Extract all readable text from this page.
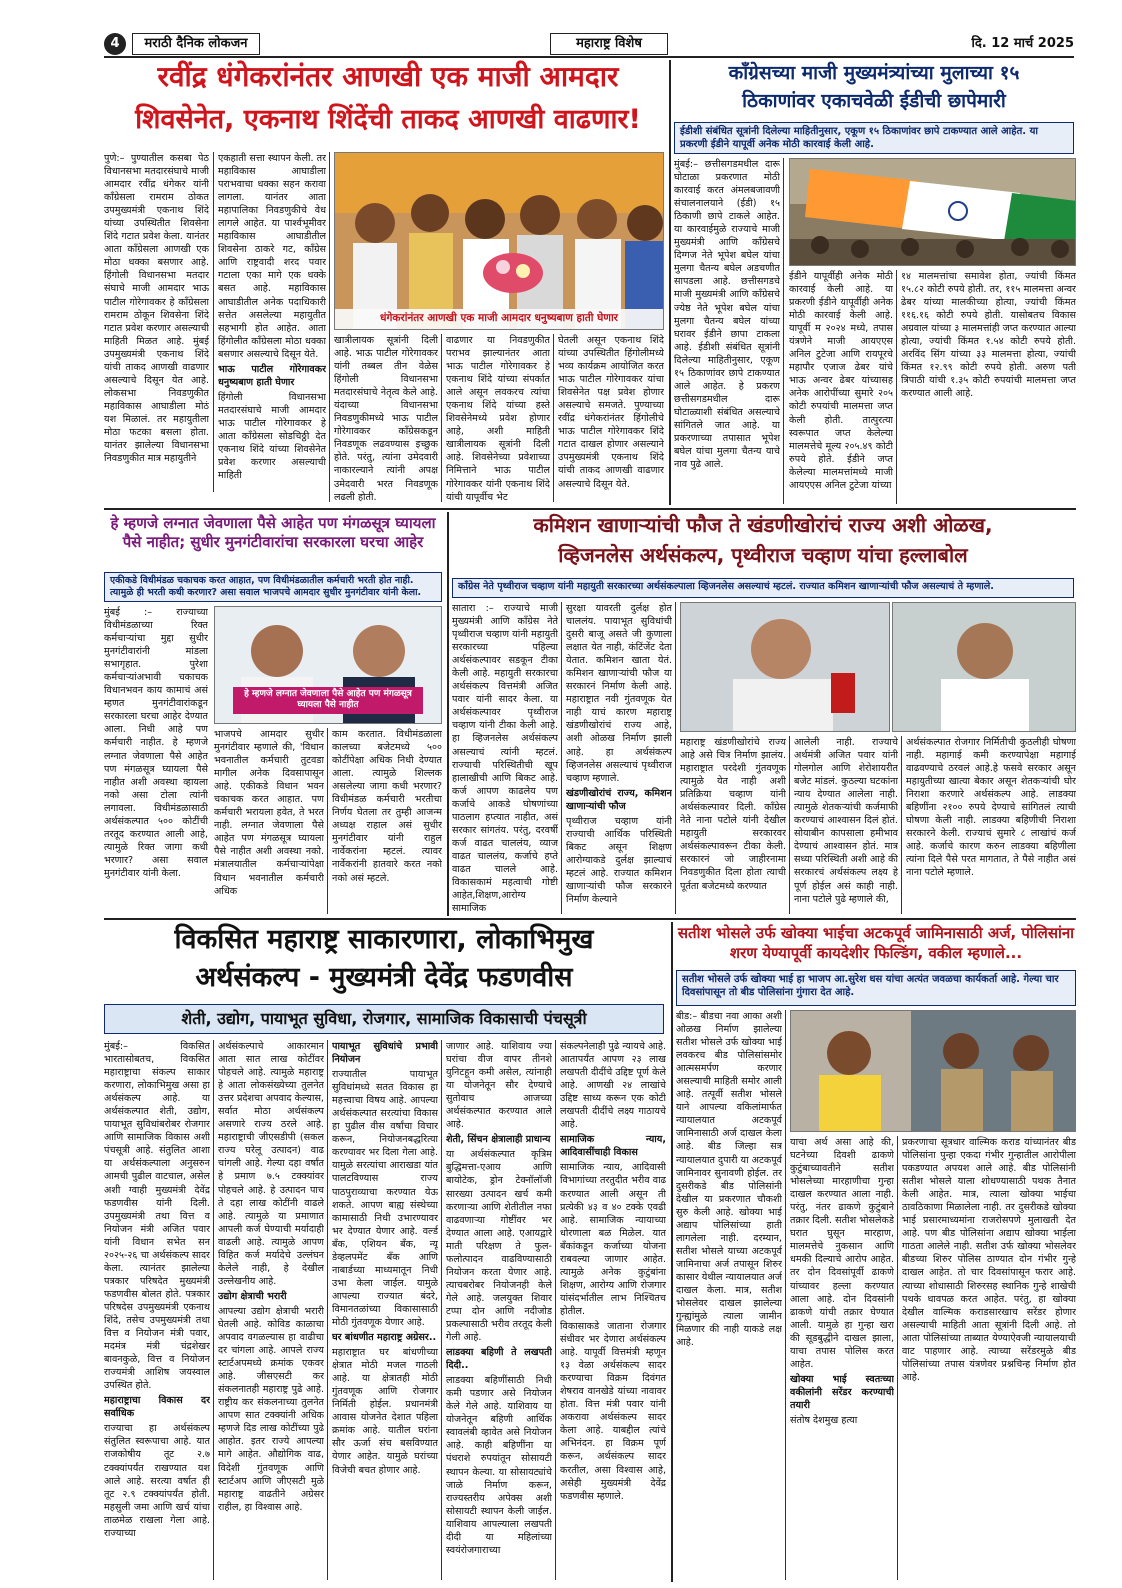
4	मराठी दैनिक लोकजन	महाराष्ट्र विशेष	दि. 12 मार्च 2025
रवींद्र धंगेकरांनंतर आणखी एक माजी आमदार
शिवसेनेत, एकनाथ शिंदेंची ताकद आणखी वाढणार!

पुणे:– पुण्यातील कसबा पेठ विधानसभा मतदारसंघाचे माजी आमदार रवींद्र धंगेकर यांनी काँग्रेसला रामराम ठोकत उपमुख्यमंत्री एकनाथ शिंदे यांच्या उपस्थितीत शिवसेना शिंदे गटात प्रवेश केला. यानंतर आता काँग्रेसला आणखी एक मोठा धक्का बसणार आहे. हिंगोली विधानसभा मतदार संघाचे माजी आमदार भाऊ पाटील गोरेगावकर हे काँग्रेसला रामराम ठोकून शिवसेना शिंदे गटात प्रवेश करणार असल्याची माहिती मिळत आहे. मुंबई उपमुख्यमंत्री एकनाथ शिंदे यांची ताकद आणखी वाढणार असल्याचे दिसून येत आहे. लोकसभा निवडणुकीत महाविकास आघाडीला मोठं यश मिळालं. तर महायुतीला मोठा फटका बसला होता. यानंतर झालेल्या विधानसभा निवडणुकीत मात्र महायुतीने

एकहाती सत्ता स्थापन केली. तर महाविकास आघाडीला पराभवाचा धक्का सहन करावा लागला. यानंतर आता महापालिका निवडणुकीचे वेध लागले आहेत. या पार्श्वभूमीवर महाविकास आघाडीतील शिवसेना ठाकरे गट, काँग्रेस आणि राष्ट्रवादी शरद पवार गटाला एका मागे एक धक्के बसत आहे. महाविकास आघाडीतील अनेक पदाधिकारी सत्तेत असलेल्या महायुतीत सहभागी होत आहेत. आता हिंगोलीत काँग्रेसला मोठा धक्का बसणार असल्याचे दिसून येते.

भाऊ पाटील गोरेगावकर धनुष्यबाण हाती घेणार

हिंगोली विधानसभा मतदारसंघाचे माजी आमदार भाऊ पाटील गोरेगावकर हे आता काँग्रेसला सोडचिठ्ठी देत एकनाथ शिंदे यांच्या शिवसेनेत प्रवेश करणार असल्याची माहिती

धंगेकरांनंतर आणखी एक माजी आमदार धनुष्यबाण हाती घेणार

खात्रीलायक सूत्रांनी दिली आहे. भाऊ पाटील गोरेगावकर यांनी तब्बल तीन वेळेस हिंगोली विधानसभा मतदारसंघाचे नेतृत्व केले आहे. यंदाच्या विधानसभा निवडणुकीमध्ये भाऊ पाटील गोरेगावकर काँग्रेसकडून निवडणूक लढवण्यास इच्छुक होते. परंतु, त्यांना उमेदवारी नाकारल्याने त्यांनी अपक्ष उमेदवारी भरत निवडणूक लढली होती.

वाढणार या निवडणुकीत पराभव झाल्यानंतर आता भाऊ पाटील गोरेगावकर हे एकनाथ शिंदे यांच्या संपर्कात आले असून लवकरच त्यांचा एकनाथ शिंदे यांच्या हस्ते शिवसेनेमध्ये प्रवेश होणार आहे, अशी माहिती खात्रीलायक सूत्रांनी दिली आहे. शिवसेनेच्या प्रवेशाच्या निमित्ताने भाऊ पाटील गोरेगावकर यांनी एकनाथ शिंदे यांची यापूर्वीच भेट

घेतली असून एकनाथ शिंदे यांच्या उपस्थितीत हिंगोलीमध्ये भव्य कार्यक्रम आयोजित करत भाऊ पाटील गोरेगावकर यांचा शिवसेनेत पक्ष प्रवेश होणार असल्याचे समजते. पुण्याच्या रवींद्र धंगेकरांनंतर हिंगोलीचे भाऊ पाटील गोरेगावकर शिंदे गटात दाखल होणार असल्याने उपमुख्यमंत्री एकनाथ शिंदे यांची ताकद आणखी वाढणार असल्याचे दिसून येते.

काँग्रेसच्या माजी मुख्यमंत्र्यांच्या मुलाच्या १५
ठिकाणांवर एकाचवेळी ईडीची छापेमारी
ईडीशी संबंधित सूत्रांनी दिलेल्या माहितीनुसार, एकूण १५ ठिकाणांवर छापे टाकण्यात आले आहेत. या प्रकरणी ईडीने यापूर्वी अनेक मोठी कारवाई केली आहे.

मुंबई:– छत्तीसगडमधील दारू घोटाळा प्रकरणात मोठी कारवाई करत अंमलबजावणी संचालनालयाने (ईडी) १५ ठिकाणी छापे टाकले आहेत. या कारवाईमुळे राज्याचे माजी मुख्यमंत्री आणि काँग्रेसचे दिग्गज नेते भूपेश बघेल यांचा मुलगा चैतन्य बघेल अडचणीत सापडला आहे. छत्तीसगडचे माजी मुख्यमंत्री आणि काँग्रेसचे ज्येष्ठ नेते भूपेश बघेल यांचा मुलगा चैतन्य बघेल यांच्या घरावर ईडीने छापा टाकला आहे. ईडीशी संबंधित सूत्रांनी दिलेल्या माहितीनुसार, एकूण १५ ठिकाणांवर छापे टाकण्यात आले आहेत. हे प्रकरण छत्तीसगडमधील दारू घोटाळ्याशी संबंधित असल्याचे सांगितले जात आहे. या प्रकरणाच्या तपासात भूपेश बघेल यांचा मुलगा चैतन्य याचे नाव पुढे आले.

ईडीने यापूर्वीही अनेक मोठी कारवाई केली आहे. या प्रकरणी ईडीने यापूर्वीही अनेक मोठी कारवाई केली आहे. यापूर्वी म २०२४ मध्ये, तपास यंत्रणेने माजी आयएएस अनिल टुटेजा आणि रायपूरचे महापौर एजाज ढेबर यांचे भाऊ अन्वर ढेबर यांच्यासह अनेक आरोपींच्या सुमारे २०५ कोटी रुपयांची मालमत्ता जप्त केली होती. तात्पुरत्या स्वरूपात जप्त केलेल्या मालमत्तेचे मूल्य २०५.४९ कोटी रुपये होते. ईडीने जप्त केलेल्या मालमत्तांमध्ये माजी आयएएस अनिल टुटेजा यांच्या

१४ मालमत्तांचा समावेश होता, ज्यांची किंमत १५.८२ कोटी रुपये होती. तर, ११५ मालमत्ता अन्वर ढेबर यांच्या मालकीच्या होत्या, ज्यांची किंमत ११६.१६ कोटी रुपये होती. यासोबतच विकास अग्रवाल यांच्या ३ मालमत्तांही जप्त करण्यात आल्या होत्या, ज्यांची किंमत १.५४ कोटी रुपये होती. अरविंद सिंग यांच्या ३३ मालमत्ता होत्या, ज्यांची किंमत १२.९९ कोटी रुपये होती. अरुण पती त्रिपाठी यांची १.३५ कोटी रुपयांची मालमत्ता जप्त करण्यात आली आहे.

हे म्हणजे लग्नात जेवणाला पैसे आहेत पण मंगळसूत्र घ्यायला पैसे नाहीत; सुधीर मुनगंटीवारांचा सरकारला घरचा आहेर
एकीकडे विधीमंडळ चकाचक करत आहात, पण विधीमंडळातील कर्मचारी भरती होत नाही. त्यामुळे ही भरती कधी करणार? असा सवाल भाजपचे आमदार सुधीर मुनगंटीवार यांनी केला.

मुंबई :– राज्याच्या विधीमंडळाच्या रिक्त कर्मचाऱ्यांचा मुद्दा सुधीर मुनगंटीवारांनी मांडला सभागृहात. पुरेशा कर्मचाऱ्यांअभावी चकाचक विधानभवन काय कामाचं असं म्हणत मुनगंटीवारांकडून सरकारला घरचा आहेर देण्यात आला. निधी आहे पण कर्मचारी नाहीत. हे म्हणजे लग्नात जेवणाला पैसे आहेत पण मंगळसूत्र घ्यायला पैसे नाहीत अशी अवस्था व्हायला नको असा टोला त्यांनी लगावला. विधीमंडळासाठी अर्थसंकल्पात ५०० कोटींची तरतूद करण्यात आली आहे, त्यामुळे रिक्त जागा कधी भरणार? असा सवाल मुनगंटीवार यांनी केला.

हे म्हणजे लग्नात जेवणाला पैसे आहेत पण मंगळसूत्र घ्यायला पैसे नाहीत

भाजपचे आमदार सुधीर मुनगंटीवार म्हणाले की, 'विधान भवनातील कर्मचारी तुटवडा मागील अनेक दिवसापासून आहे. एकीकडे विधान भवन चकाचक करत आहात. पण कर्मचारी भरायला हवेत, ते भरत नाही. लग्नात जेवणाला पैसे आहेत पण मंगळसूत्र घ्यायला पैसे नाहीत अशी अवस्था नको. मंत्रालयातील कर्मचाऱ्यांपेक्षा विधान भवनातील कर्मचारी अधिक

काम करतात. विधीमंडळाला कालच्या बजेटमध्ये ५०० कोटींपेक्षा अधिक निधी देण्यात आला. त्यामुळे शिल्लक असलेल्या जागा कधी भरणार? विधीमंडळ कर्मचारी भरतीचा निर्णय घेतला तर तुम्ही आजन्म अध्यक्ष राहाल असं सुधीर मुनगंटीवार यांनी राहुल नार्वेकरांना म्हटलं. त्यावर नार्वेकरांनी हातवारे करत नको नको असं म्हटले.

कमिशन खाणाऱ्यांची फौज ते खंडणीखोरांचं राज्य अशी ओळख,
व्हिजनलेस अर्थसंकल्प, पृथ्वीराज चव्हाण यांचा हल्लाबोल
काँग्रेस नेते पृथ्वीराज चव्हाण यांनी महायुती सरकारच्या अर्थसंकल्पाला व्हिजनलेस असल्याचं म्हटलं. राज्यात कमिशन खाणाऱ्यांची फौज असल्याचं ते म्हणाले.

सातारा :– राज्याचे माजी मुख्यमंत्री आणि काँग्रेस नेते पृथ्वीराज चव्हाण यांनी महायुती सरकारच्या पहिल्या अर्थसंकल्पावर सडकून टीका केली आहे. महायुती सरकारचा अर्थसंकल्प वित्तमंत्री अजित पवार यांनी सादर केला. या अर्थसंकल्पावर पृथ्वीराज चव्हाण यांनी टीका केली आहे. हा व्हिजनलेस अर्थसंकल्प असल्याचं त्यांनी म्हटलं. राज्याची परिस्थितीची खूप हालाखीची आणि बिकट आहे. कर्ज आपण काढलेय पण कर्जाचे आकडे घोषणांच्या पाठलाग हप्त्यात नाहीत, असं सरकार सांगतंय. परंतु, दरवर्षी कर्ज वाढत चाललंय, व्याज वाढत चाललंय, कर्जाचे हप्ते वाढत चालले आहे. विकासकामं महत्वाची गोष्टी आहेत,शिक्षण,आरोग्य सामाजिक

सुरक्षा यावरती दुर्लक्ष होत चाललंय. पायाभूत सुविधांची दुसरी बाजू असते जी कुणाला लक्षात येत नाही, कंटिंजेंट देता येतात. कमिशन खाता येतं. कमिशन खाणाऱ्यांची फौज या सरकारनं निर्माण केली आहे. महाराष्ट्रात नवी गुंतवणूक येत नाही याचं कारण महाराष्ट्र खंडणीखोरांचं राज्य आहे, अशी ओळख निर्माण झाली आहे. हा अर्थसंकल्प व्हिजनलेस असल्याचं पृथ्वीराज चव्हाण म्हणाले.

खंडणीखोरांचं राज्य, कमिशन खाणाऱ्यांची फौज

पृथ्वीराज चव्हाण यांनी राज्याची आर्थिक परिस्थिती बिकट असून शिक्षण आरोग्याकडे दुर्लक्ष झाल्याचं म्हटलं आहे. राज्यात कमिशन खाणाऱ्यांची फौज सरकारने निर्माण केल्याने

महाराष्ट्र खंडणीखोरांचे राज्य आहे असे चित्र निर्माण झालंय. महाराष्ट्रात परदेशी गुंतवणूक त्यामुळे येत नाही अशी प्रतिक्रिया चव्हाण यांनी अर्थसंकल्पावर दिली. काँग्रेस नेते नाना पटोले यांनी देखील महायुती सरकारवर अर्थसंकल्पावरून टीका केली. सरकारनं जो जाहीरनामा निवडणुकीत दिला होता त्याची पूर्तता बजेटमध्ये करण्यात

आलेली नाही. राज्याचे अर्थमंत्री अजित पवार यांनी गोलगोल आणि शेरोशायरीत बजेट मांडलं. कुठल्या घटकांना न्याय देण्यात आलेला नाही. त्यामुळे शेतकऱ्यांची कर्जमाफी करण्याचं आश्वासन दिलं होतं. सोयाबीन कापसाला हमीभाव देण्याचं आश्वासन होतं. मात्र सध्या परिस्थिती अशी आहे की सरकारचं अर्थसंकल्प लक्ष्य हे पूर्ण होईल असं काही नाही. नाना पटोले पुढे म्हणाले की,

अर्थसंकल्पात रोजगार निर्मितीची कुठलीही घोषणा नाही. महागाई कमी करण्यापेक्षा महागाई वाढवण्याचे ठरवलं आहे.हे फसवे सरकार असून महायुतीच्या खात्या बेकार असून शेतकऱ्यांची घोर निराशा करणारे अर्थसंकल्प आहे. लाडक्या बहिणींना २१०० रुपये देण्याचे सांगितलं त्याची घोषणा केली नाही. लाडक्या बहिणीची निराशा सरकारने केली. राज्याचं सुमारे ८ लाखांचं कर्ज आहे. कर्जाचे कारण करुन लाडक्या बहिणीला त्यांना दिले पैसे परत मागतात, ते पैसे नाहीत असं नाना पटोले म्हणाले.

विकसित महाराष्ट्र साकारणारा, लोकाभिमुख
अर्थसंकल्प - मुख्यमंत्री देवेंद्र फडणवीस
शेती, उद्योग, पायाभूत सुविधा, रोजगार, सामाजिक विकासाची पंचसूत्री

मुंबई:– विकसित भारतासोबतच, विकसित महाराष्ट्राचा संकल्प साकार करणारा, लोकाभिमुख असा हा अर्थसंकल्प आहे. या अर्थसंकल्पात शेती, उद्योग, पायाभूत सुविधांबरोबर रोजगार आणि सामाजिक विकास अशी पंचसूत्री आहे. संतुलित आशा या अर्थसंकल्पाला अनुसरुन आमची पुढील वाटचाल, असेल अशी ग्वाही मुख्यमंत्री देवेंद्र फडणवीस यांनी दिली. उपमुख्यमंत्री तथा वित्त व नियोजन मंत्री अजित पवार यांनी विधान सभेत सन २०२५-२६ चा अर्थसंकल्प सादर केला. त्यानंतर झालेल्या पत्रकार परिषदेत मुख्यमंत्री फडणवीस बोलत होते. पत्रकार परिषदेस उपमुख्यमंत्री एकनाथ शिंदे, तसेच उपमुख्यमंत्री तथा वित्त व नियोजन मंत्री पवार, मदमंत्र मंत्री चंद्रशेखर बावनकुळे, वित्त व नियोजन राज्यमंत्री आशिष जयस्वाल उपस्थित होते.

महाराष्ट्राचा विकास दर सर्वाधिक

राज्याचा हा अर्थसंकल्प संतुलित स्वरूपाचा आहे. यात राजकोषीय तूट २.७ टक्क्यांपर्यंत राखण्यात यश आले आहे. सरत्या वर्षात ही तूट २.९ टक्क्यांपर्यंत होती. महसुली जमा आणि खर्च यांचा ताळमेळ राखला गेला आहे. राज्याच्या

अर्थसंकल्पाचे आकारमान आता सात लाख कोटींवर पोहचले आहे. त्यामुळे महाराष्ट्र हे आता लोकसंख्येच्या तुलनेत उत्तर प्रदेशचा अपवाद केल्यास, सर्वात मोठा अर्थसंकल्प असणारे राज्य ठरले आहे. महाराष्ट्राची जीएसडीपी (सकल राज्य घरेलू उत्पादन) वाढ चांगली आहे. गेल्या दहा वर्षांत हे प्रमाण ७.५ टक्क्यांवर पोहचले आहे. हे उत्पादन पाच ते दहा लाख कोटींनी वाढले आहे. त्यामुळे या प्रमाणात आपली कर्ज घेण्याची मर्यादाही वाढली आहे. त्यामुळे आपण विहित कर्ज मर्यादेचे उल्लंघन केलेले नाही, हे देखील उल्लेखनीय आहे.

उद्योग क्षेत्राची भरारी

आपल्या उद्योग क्षेत्राची भरारी घेतली आहे. कोविड काळाचा अपवाद वगळल्यास हा वाढीचा दर चांगला आहे. आपले राज्य स्टार्टअपमध्ये क्रमांक एकवर आहे. जीसएसटी कर संकलनातही महाराष्ट्र पुढे आहे. राष्ट्रीय कर संकलनाच्या तुलनेत आपण सात टक्क्यांनी अधिक म्हणजे दिड लाख कोटींच्या पुढे आहोत. इतर राज्ये आपल्या मागे आहेत. औद्योगिक वाढ, विदेशी गुंतवणूक आणि स्टार्टअप आणि जीएसटी मुळे महाराष्ट्र वाढतीने अग्रेसर राहील, हा विश्वास आहे.

पायाभूत सुविधांचे प्रभावी नियोजन

राज्यातील पायाभूत सुविधांमध्ये सतत विकास हा महत्त्वाचा विषय आहे. आपल्या अर्थसंकल्पात सरत्यांचा विकास हा पुढील वीस वर्षांचा विचार करून, नियोजनबद्धरित्या करण्यावर भर दिला गेला आहे. यामुळे सरत्यांचा आराखडा यांत पालटविण्यास राज्य पाठपुराव्याचा करण्यात येऊ शकते. आपण बाह्य संस्थेच्या कामासाठी निधी उभारण्यावर भर देण्यात येणार आहे. वर्ल्ड बँक, एशियन बँक, न्यू डेव्हलपमेंट बँक आणि नाबार्डच्या माध्यमातून निधी उभा केला जाईल. यामुळे आपल्या राज्यात बंदरे, विमानतळांच्या विकासासाठी मोठी गुंतवणूक येणार आहे.

घर बांधणीत महाराष्ट्र अग्रेसर..

महाराष्ट्रात घर बांधणीच्या क्षेत्रात मोठी मजल गाठली आहे. या क्षेत्रातही मोठी गुंतवणूक आणि रोजगार निर्मिती होईल. प्रधानमंत्री आवास योजनेत देशात पहिला क्रमांक आहे. यातील घरांना सौर ऊर्जा संच बसविण्यात येणार आहेत. यामुळे घरांच्या विजेची बचत होणार आहे.

जाणार आहे. याशिवाय ज्या घरांचा वीज वापर तीनशे युनिटहून कमी असेल, त्यांनाही या योजनेतून सौर देण्याचे सुतोवाच आजच्या अर्थसंकल्पात करण्यात आले आहे.

शेती, सिंचन क्षेत्रालाही प्राधान्य

या अर्थसंकल्पात कृत्रिम बुद्धिमत्ता-एआय आणि बायोटेक, ड्रोन टेक्नॉलॉजी सारख्या उत्पादन खर्च कमी करणाऱ्या आणि शेतीतील नफा वाढवणाऱ्या गोष्टींवर भर देण्यात आला आहे. एआयद्वारे माती परिक्षण ते फुल-फलोत्पादन वाढविण्यासाठी नियोजन करता येणार आहे. त्याचबरोबर नियोजनही केले गेले आहे. जलयुक्त शिवार टप्पा दोन आणि नदीजोड प्रकल्पासाठी भरीव तरतूद केली गेली आहे.

लाडक्या बहिणी ते लखपती दिदी..

लाडक्या बहिणींसाठी निधी कमी पडणार असे नियोजन केले गेले आहे. याशिवाय या योजनेतून बहिणी आर्थिक स्वावलंबी व्हावेत असे नियोजन आहे. काही बहिणींना या पंधराशे रुपयांतून सोसायटी स्थापन केल्या. या सोसायट्यांचे जाळे निर्माण करून, राज्यस्तरीय अपेक्स अशी सोसायटी स्थापन केली जाईल. याशिवाय आपल्याला लखपती दीदी या महिलांच्या स्वयंरोजगाराच्या

संकल्पनेलाही पुढे न्यायचे आहे. आतापर्यंत आपण २३ लाख लखपती दीदींचे उद्दिष्ट पूर्ण केले आहे. आणखी २४ लाखांचे उद्दिष्ट साध्य करून एक कोटी लखपती दीदींचे लक्ष्य गाठायचे आहे.

सामाजिक न्याय, आदिवासींचाही विकास

सामाजिक न्याय, आदिवासी विभागांच्या तरतुदीत भरीव वाढ करण्यात आली असून ती प्रत्येकी ४३ व ४० टक्के एवढी आहे. सामाजिक न्यायाच्या धोरणाला बळ मिळेल. यात बँकांकडून कर्जाच्या योजना राबवल्या जाणार आहेत. त्यामुळे अनेक कुटुंबांना शिक्षण, आरोग्य आणि रोजगार यांसंदर्भातील लाभ निश्चितच होतील.

विकासाकडे जाताना रोजगार संधीवर भर देणारा अर्थसंकल्प आहे. यापूर्वी वित्तमंत्री म्हणून १३ वेळा अर्थसंकल्प सादर करण्याचा विक्रम दिवंगत शेषराव वानखेडे यांच्या नावावर होता. वित्त मंत्री पवार यांनी अकरावा अर्थसंकल्प सादर केला आहे. याबद्दील त्यांचे अभिनंदन. हा विक्रम पूर्ण करून, अर्थसंकल्प सादर करतील, असा विश्वास आहे, असेही मुख्यमंत्री देवेंद्र फडणवीस म्हणाले.

सतीश भोसले उर्फ खोक्या भाईचा अटकपूर्व जामिनासाठी अर्ज, पोलिसांना शरण येण्यापूर्वी कायदेशीर फिल्डिंग, वकील म्हणाले...
सतीश भोसले उर्फ खोक्या भाई हा भाजप आ.सुरेश धस यांचा अत्यंत जवळचा कार्यकर्ता आहे. गेल्या चार दिवसांपासून तो बीड पोलिसांना गुंगारा देत आहे.

बीड:– बीडचा नवा आका अशी ओळख निर्माण झालेल्या सतीश भोसले उर्फ खोक्या भाई लवकरच बीड पोलिसांसमोर आत्मसमर्पण करणार असल्याची माहिती समोर आली आहे. तत्पूर्वी सतीश भोसले याने आपल्या वकिलांमार्फत न्यायालयात अटकपूर्व जामिनासाठी अर्ज दाखल केला आहे. बीड जिल्हा सत्र न्यायालयात दुपारी या अटकपूर्व जामिनावर सुनावणी होईल. तर दुसरीकडे बीड पोलिसांनी देखील या प्रकरणात चौकशी सुरु केली आहे. खोक्या भाई अद्याप पोलिसांच्या हाती लागलेला नाही. दरम्यान, सतीश भोसले याच्या अटकपूर्व जामिनाचा अर्ज तपासून शिरुर कासार येथील न्यायालयात अर्ज दाखल केला. मात्र, सतीश भोसलेवर दाखल झालेल्या गुन्ह्यांमुळे त्याला जामीन मिळणार की नाही याकडे लक्ष आहे.

याचा अर्थ असा आहे की, घटनेच्या दिवशी ढाकणे कुटुंबाच्यावतीने सतीश भोसलेच्या मारहाणीचा गुन्हा दाखल करण्यात आला नाही. परंतु, नंतर ढाकणे कुटुंबाने तक्रार दिली. सतीश भोसलेकडे घरात घुसून मारहाण, मालमत्तेचे नुकसान आणि धमकी दिल्याचे आरोप आहेत. तर दोन दिवसांपूर्वी ढाकणे यांच्यावर हल्ला करण्यात आला आहे. दोन दिवसांनी ढाकणे यांची तक्रार घेण्यात आली. यामुळे हा गुन्हा खरा की सूडबुद्धीने दाखल झाला, याचा तपास पोलिस करत आहेत.

खोक्या भाई स्वतःच्या वकीलांनी सरेंडर करण्याची तयारी

संतोष देशमुख हत्या

प्रकरणाचा सूत्रधार वाल्मिक कराड यांच्यानंतर बीड पोलिसांना पुन्हा एकदा गंभीर गुन्हातील आरोपीला पकडण्यात अपयश आले आहे. बीड पोलिसांनी सतीश भोसले याला शोधण्यासाठी पथक तैनात केली आहेत. मात्र, त्याला खोक्या भाईचा ठावठिकाणा मिळालेला नाही. तर दुसरीकडे खोक्या भाई प्रसारमाध्यमांना राजरोसपणे मुलाखती देत आहे. पण बीड पोलिसांना अद्याप खोक्या भाईला गाठता आलेले नाही. सतीश उर्फ खोक्या भोसलेवर बीडच्या शिरुर पोलिस ठाण्यात दोन गंभीर गुन्हे दाखल आहेत. तो चार दिवसांपासून फरार आहे. त्याच्या शोधासाठी शिरुरसह स्थानिक गुन्हे शाखेची पथके धावपळ करत आहेत. परंतु, हा खोक्या देखील वाल्मिक कराडसारखाच सरेंडर होणार असल्याची माहिती आता सूत्रांनी दिली आहे. तो आता पोलिसांच्या ताब्यात येण्याऐवजी न्यायालयाची वाट पाहणार आहे. त्याच्या सरेंडरमुळे बीड पोलिसांच्या तपास यंत्रणेवर प्रश्नचिन्ह निर्माण होत आहे.
